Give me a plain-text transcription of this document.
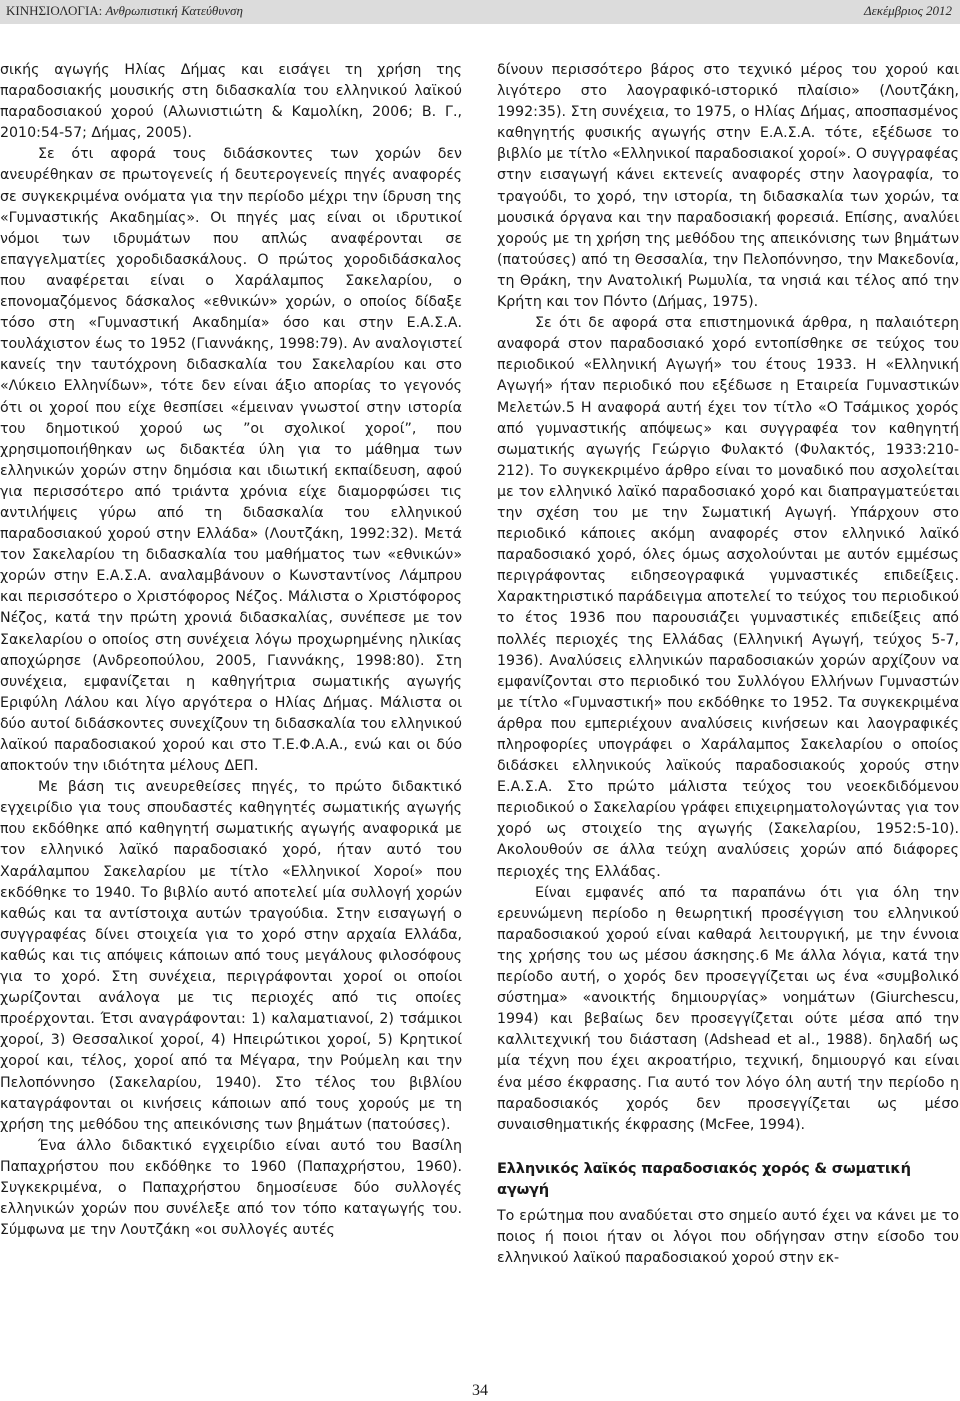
ΚΙΝΗΣΙΟΛΟΓΙΑ: Ανθρωπιστική Κατεύθυνση	Δεκέμβριος 2012

σικής αγωγής Ηλίας Δήμας και εισάγει τη χρήση της παραδοσιακής μουσικής στη διδασκαλία του ελληνικού λαϊκού παραδοσιακού χορού (Αλωνιστιώτη & Καμολίκη, 2006; Β. Γ., 2010:54-57; Δήμας, 2005).

Σε ότι αφορά τους διδάσκοντες των χορών δεν ανευρέθηκαν σε πρωτογενείς ή δευτερογενείς πηγές αναφορές σε συγκεκριμένα ονόματα για την περίοδο μέχρι την ίδρυση της «Γυμναστικής Ακαδημίας». Οι πηγές μας είναι οι ιδρυτικοί νόμοι των ιδρυμάτων που απλώς αναφέρονται σε επαγγελματίες χοροδιδασκάλους. Ο πρώτος χοροδιδάσκαλος που αναφέρεται είναι ο Χαράλαμπος Σακελαρίου, ο επονομαζόμενος δάσκαλος «εθνικών» χορών, ο οποίος δίδαξε τόσο στη «Γυμναστική Ακαδημία» όσο και στην Ε.Α.Σ.Α. τουλάχιστον έως το 1952 (Γιαννάκης, 1998:79). Αν αναλογιστεί κανείς την ταυτόχρονη διδασκαλία του Σακελαρίου και στο «Λύκειο Ελληνίδων», τότε δεν είναι άξιο απορίας το γεγονός ότι οι χοροί που είχε θεσπίσει «έμειναν γνωστοί στην ιστορία του δημοτικού χορού ως ”οι σχολικοί χοροί”, που χρησιμοποιήθηκαν ως διδακτέα ύλη για το μάθημα των ελληνικών χορών στην δημόσια και ιδιωτική εκπαίδευση, αφού για περισσότερο από τριάντα χρόνια είχε διαμορφώσει τις αντιλήψεις γύρω από τη διδασκαλία του ελληνικού παραδοσιακού χορού στην Ελλάδα» (Λουτζάκη, 1992:32). Μετά τον Σακελαρίου τη διδασκαλία του μαθήματος των «εθνικών» χορών στην Ε.Α.Σ.Α. αναλαμβάνουν ο Κωνσταντίνος Λάμπρου και περισσότερο ο Χριστόφορος Νέζος. Μάλιστα ο Χριστόφορος Νέζος, κατά την πρώτη χρονιά διδασκαλίας, συνέπεσε με τον Σακελαρίου ο οποίος στη συνέχεια λόγω προχωρημένης ηλικίας αποχώρησε (Ανδρεοπούλου, 2005, Γιαννάκης, 1998:80). Στη συνέχεια, εμφανίζεται η καθηγήτρια σωματικής αγωγής Εριφύλη Λάλου και λίγο αργότερα ο Ηλίας Δήμας. Μάλιστα οι δύο αυτοί διδάσκοντες συνεχίζουν τη διδασκαλία του ελληνικού λαϊκού παραδοσιακού χορού και στο Τ.Ε.Φ.Α.Α., ενώ και οι δύο αποκτούν την ιδιότητα μέλους ΔΕΠ.

Με βάση τις ανευρεθείσες πηγές, το πρώτο διδακτικό εγχειρίδιο για τους σπουδαστές καθηγητές σωματικής αγωγής που εκδόθηκε από καθηγητή σωματικής αγωγής αναφορικά με τον ελληνικό λαϊκό παραδοσιακό χορό, ήταν αυτό του Χαράλαμπου Σακελαρίου με τίτλο «Ελληνικοί Χοροί» που εκδόθηκε το 1940. Το βιβλίο αυτό αποτελεί μία συλλογή χορών καθώς και τα αντίστοιχα αυτών τραγούδια. Στην εισαγωγή ο συγγραφέας δίνει στοιχεία για το χορό στην αρχαία Ελλάδα, καθώς και τις απόψεις κάποιων από τους μεγάλους φιλοσόφους για το χορό. Στη συνέχεια, περιγράφονται χοροί οι οποίοι χωρίζονται ανάλογα με τις περιοχές από τις οποίες προέρχονται. Έτσι αναγράφονται: 1) καλαματιανοί, 2) τσάμικοι χοροί, 3) Θεσσαλικοί χοροί, 4) Ηπειρώτικοι χοροί, 5) Κρητικοί χοροί και, τέλος, χοροί από τα Μέγαρα, την Ρούμελη και την Πελοπόννησο (Σακελαρίου, 1940). Στο τέλος του βιβλίου καταγράφονται οι κινήσεις κάποιων από τους χορούς με τη χρήση της μεθόδου της απεικόνισης των βημάτων (πατούσες).

Ένα άλλο διδακτικό εγχειρίδιο είναι αυτό του Βασίλη Παπαχρήστου που εκδόθηκε το 1960 (Παπαχρήστου, 1960). Συγκεκριμένα, ο Παπαχρήστου δημοσίευσε δύο συλλογές ελληνικών χορών που συνέλεξε από τον τόπο καταγωγής του. Σύμφωνα με την Λουτζάκη «οι συλλογές αυτές

δίνουν περισσότερο βάρος στο τεχνικό μέρος του χορού και λιγότερο στο λαογραφικό-ιστορικό πλαίσιο» (Λουτζάκη, 1992:35). Στη συνέχεια, το 1975, ο Ηλίας Δήμας, αποσπασμένος καθηγητής φυσικής αγωγής στην Ε.Α.Σ.Α. τότε, εξέδωσε το βιβλίο με τίτλο «Ελληνικοί παραδοσιακοί χοροί». Ο συγγραφέας στην εισαγωγή κάνει εκτενείς αναφορές στην λαογραφία, το τραγούδι, το χορό, την ιστορία, τη διδασκαλία των χορών, τα μουσικά όργανα και την παραδοσιακή φορεσιά. Επίσης, αναλύει χορούς με τη χρήση της μεθόδου της απεικόνισης των βημάτων (πατούσες) από τη Θεσσαλία, την Πελοπόννησο, την Μακεδονία, τη Θράκη, την Ανατολική Ρωμυλία, τα νησιά και τέλος από την Κρήτη και τον Πόντο (Δήμας, 1975).

Σε ότι δε αφορά στα επιστημονικά άρθρα, η παλαιότερη αναφορά στον παραδοσιακό χορό εντοπίσθηκε σε τεύχος του περιοδικού «Ελληνική Αγωγή» του έτους 1933. Η «Ελληνική Αγωγή» ήταν περιοδικό που εξέδωσε η Εταιρεία Γυμναστικών Μελετών.5 Η αναφορά αυτή έχει τον τίτλο «Ο Τσάμικος χορός από γυμναστικής απόψεως» και συγγραφέα τον καθηγητή σωματικής αγωγής Γεώργιο Φυλακτό (Φυλακτός, 1933:210-212). Το συγκεκριμένο άρθρο είναι το μοναδικό που ασχολείται με τον ελληνικό λαϊκό παραδοσιακό χορό και διαπραγματεύεται την σχέση του με την Σωματική Αγωγή. Υπάρχουν στο περιοδικό κάποιες ακόμη αναφορές στον ελληνικό λαϊκό παραδοσιακό χορό, όλες όμως ασχολούνται με αυτόν εμμέσως περιγράφοντας ειδησεογραφικά γυμναστικές επιδείξεις. Χαρακτηριστικό παράδειγμα αποτελεί το τεύχος του περιοδικού το έτος 1936 που παρουσιάζει γυμναστικές επιδείξεις από πολλές περιοχές της Ελλάδας (Ελληνική Αγωγή, τεύχος 5-7, 1936). Αναλύσεις ελληνικών παραδοσιακών χορών αρχίζουν να εμφανίζονται στο περιοδικό του Συλλόγου Ελλήνων Γυμναστών με τίτλο «Γυμναστική» που εκδόθηκε το 1952. Τα συγκεκριμένα άρθρα που εμπεριέχουν αναλύσεις κινήσεων και λαογραφικές πληροφορίες υπογράφει ο Χαράλαμπος Σακελαρίου ο οποίος διδάσκει ελληνικούς λαϊκούς παραδοσιακούς χορούς στην Ε.Α.Σ.Α. Στο πρώτο μάλιστα τεύχος του νεοεκδιδόμενου περιοδικού ο Σακελαρίου γράφει επιχειρηματολογώντας για τον χορό ως στοιχείο της αγωγής (Σακελαρίου, 1952:5-10). Ακολουθούν σε άλλα τεύχη αναλύσεις χορών από διάφορες περιοχές της Ελλάδας.

Είναι εμφανές από τα παραπάνω ότι για όλη την ερευνώμενη περίοδο η θεωρητική προσέγγιση του ελληνικού παραδοσιακού χορού είναι καθαρά λειτουργική, με την έννοια της χρήσης του ως μέσου άσκησης.6 Με άλλα λόγια, κατά την περίοδο αυτή, ο χορός δεν προσεγγίζεται ως ένα «συμβολικό σύστημα» «ανοικτής δημιουργίας» νοημάτων (Giurchescu, 1994) και βεβαίως δεν προσεγγίζεται ούτε μέσα από την καλλιτεχνική του διάσταση (Adshead et al., 1988). δηλαδή ως μία τέχνη που έχει ακροατήριο, τεχνική, δημιουργό και είναι ένα μέσο έκφρασης. Για αυτό τον λόγο όλη αυτή την περίοδο η παραδοσιακός χορός δεν προσεγγίζεται ως μέσο συναισθηματικής έκφρασης (McFee, 1994).

Ελληνικός λαϊκός παραδοσιακός χορός & σωματική αγωγή

Το ερώτημα που αναδύεται στο σημείο αυτό έχει να κάνει με το ποιος ή ποιοι ήταν οι λόγοι που οδήγησαν στην είσοδο του ελληνικού λαϊκού παραδοσιακού χορού στην εκ-

34
